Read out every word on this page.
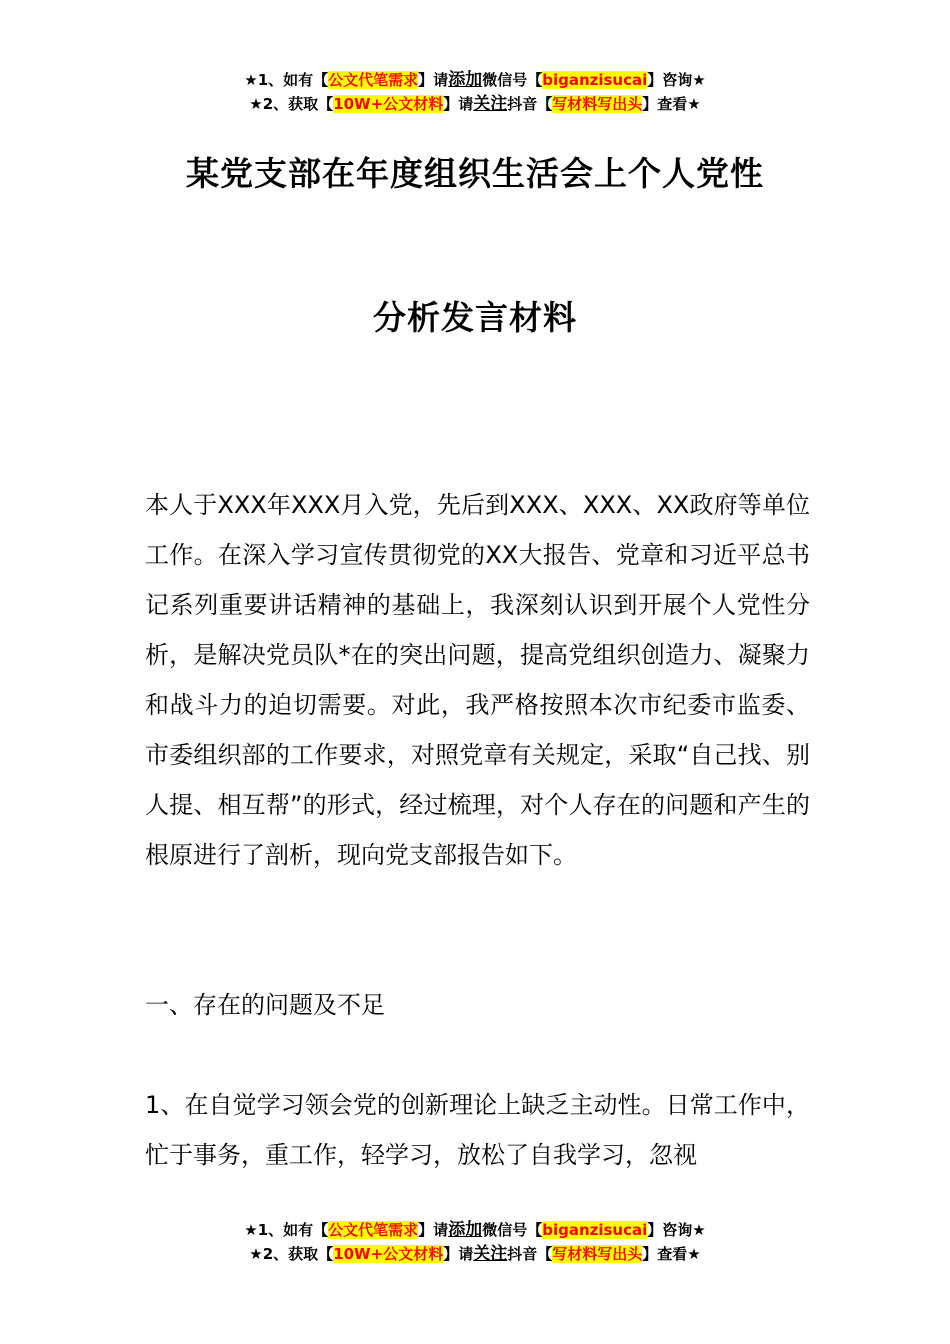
★1、如有【公文代笔需求】请添加微信号【biganzisucai】咨询★
★2、获取【10W+公文材料】请关注抖音【写材料写出头】查看★
某党支部在年度组织生活会上个人党性
分析发言材料
本人于XXX年XXX月入党，先后到XXX、XXX、XX政府等单位工作。在深入学习宣传贯彻党的XX大报告、党章和习近平总书记系列重要讲话精神的基础上，我深刻认识到开展个人党性分析，是解决党员队*在的突出问题，提高党组织创造力、凝聚力和战斗力的迫切需要。对此，我严格按照本次市纪委市监委、市委组织部的工作要求，对照党章有关规定，采取“自己找、别人提、相互帮”的形式，经过梳理，对个人存在的问题和产生的根原进行了剖析，现向党支部报告如下。
一、存在的问题及不足
1、在自觉学习领会党的创新理论上缺乏主动性。日常工作中，忙于事务，重工作，轻学习，放松了自我学习，忽视
★1、如有【公文代笔需求】请添加微信号【biganzisucai】咨询★
★2、获取【10W+公文材料】请关注抖音【写材料写出头】查看★
